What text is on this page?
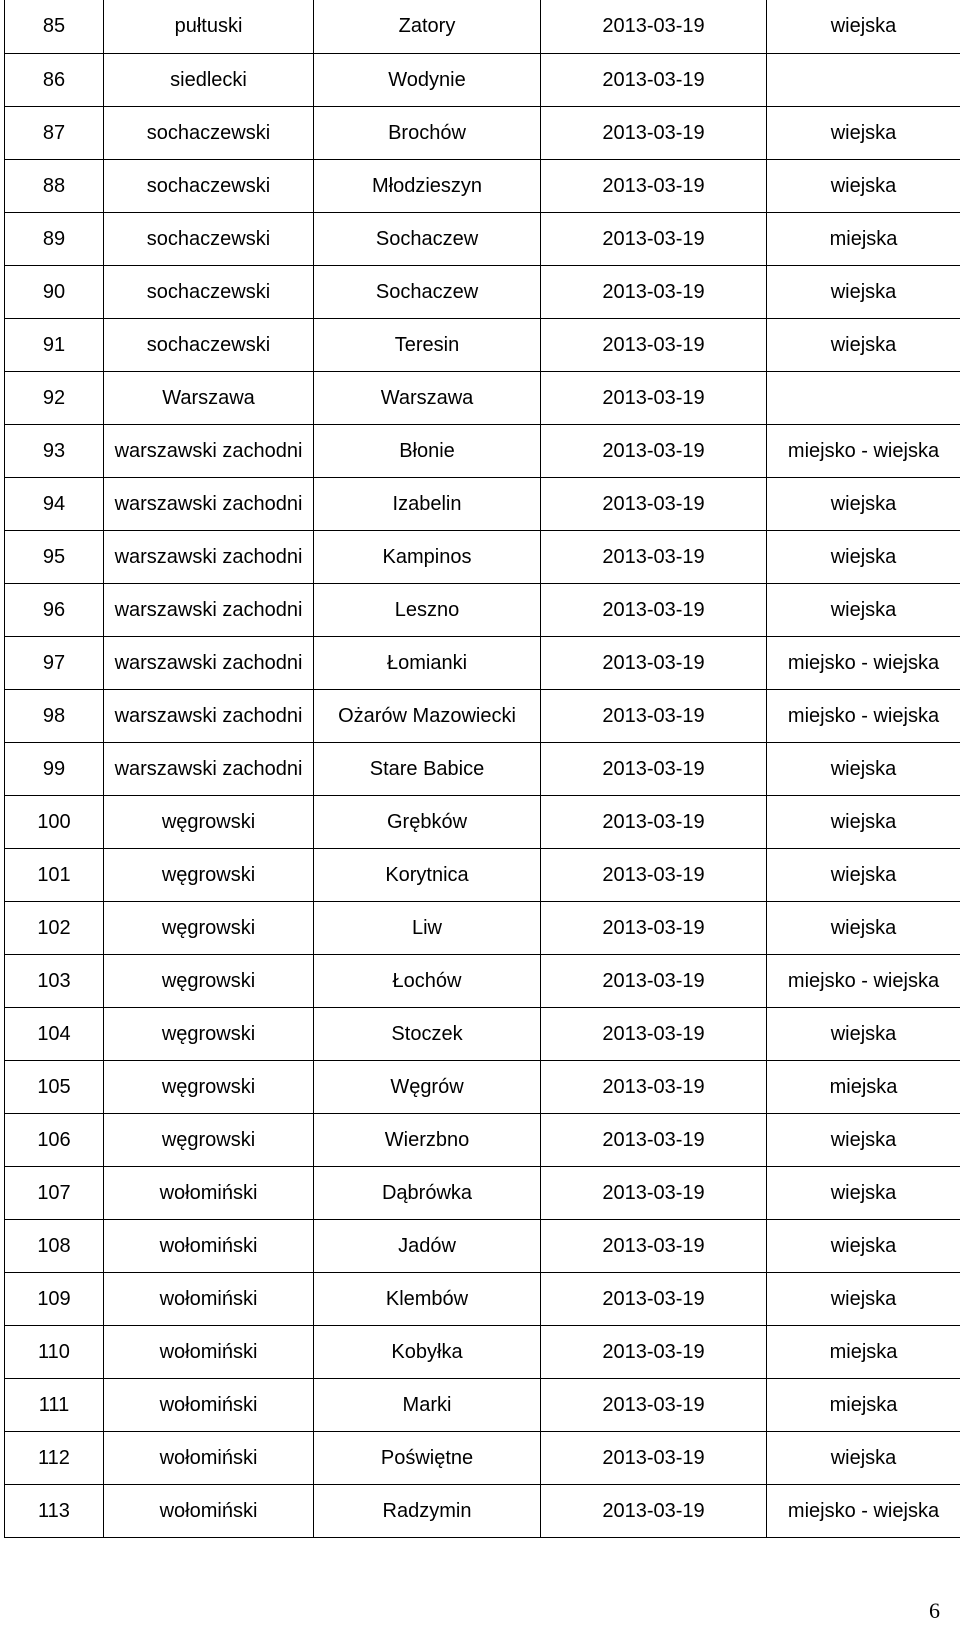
85	pułtuski	Zatory	2013-03-19	wiejska
86	siedlecki	Wodynie	2013-03-19	
87	sochaczewski	Brochów	2013-03-19	wiejska
88	sochaczewski	Młodzieszyn	2013-03-19	wiejska
89	sochaczewski	Sochaczew	2013-03-19	miejska
90	sochaczewski	Sochaczew	2013-03-19	wiejska
91	sochaczewski	Teresin	2013-03-19	wiejska
92	Warszawa	Warszawa	2013-03-19	
93	warszawski zachodni	Błonie	2013-03-19	miejsko - wiejska
94	warszawski zachodni	Izabelin	2013-03-19	wiejska
95	warszawski zachodni	Kampinos	2013-03-19	wiejska
96	warszawski zachodni	Leszno	2013-03-19	wiejska
97	warszawski zachodni	Łomianki	2013-03-19	miejsko - wiejska
98	warszawski zachodni	Ożarów Mazowiecki	2013-03-19	miejsko - wiejska
99	warszawski zachodni	Stare Babice	2013-03-19	wiejska
100	węgrowski	Grębków	2013-03-19	wiejska
101	węgrowski	Korytnica	2013-03-19	wiejska
102	węgrowski	Liw	2013-03-19	wiejska
103	węgrowski	Łochów	2013-03-19	miejsko - wiejska
104	węgrowski	Stoczek	2013-03-19	wiejska
105	węgrowski	Węgrów	2013-03-19	miejska
106	węgrowski	Wierzbno	2013-03-19	wiejska
107	wołomiński	Dąbrówka	2013-03-19	wiejska
108	wołomiński	Jadów	2013-03-19	wiejska
109	wołomiński	Klembów	2013-03-19	wiejska
110	wołomiński	Kobyłka	2013-03-19	miejska
111	wołomiński	Marki	2013-03-19	miejska
112	wołomiński	Poświętne	2013-03-19	wiejska
113	wołomiński	Radzymin	2013-03-19	miejsko - wiejska
6
